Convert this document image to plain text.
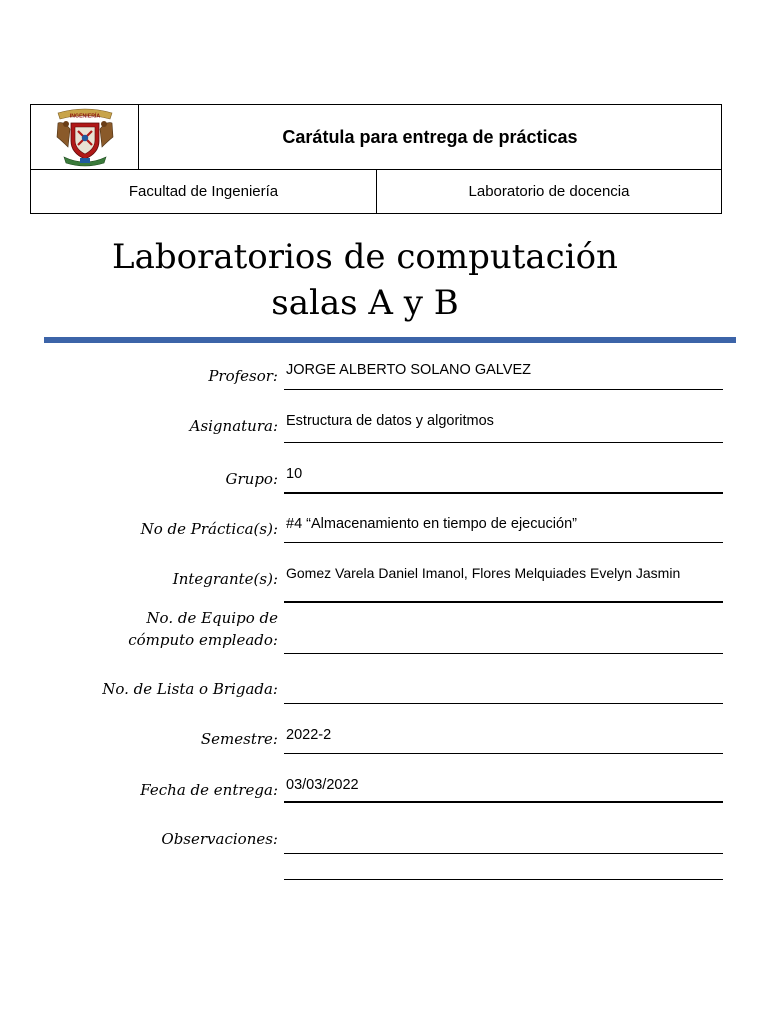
INGENIERÍA
Carátula para entrega de prácticas
Facultad de Ingeniería	Laboratorio de docencia
Laboratorios de computación
salas A y B
Profesor: JORGE ALBERTO SOLANO GALVEZ
Asignatura: Estructura de datos y algoritmos
Grupo: 10
No de Práctica(s): #4 “Almacenamiento en tiempo de ejecución”
Integrante(s): Gomez Varela Daniel Imanol, Flores Melquiades Evelyn Jasmin
No. de Equipo de
cómputo empleado:
No. de Lista o Brigada:
Semestre: 2022-2
Fecha de entrega: 03/03/2022
Observaciones:
